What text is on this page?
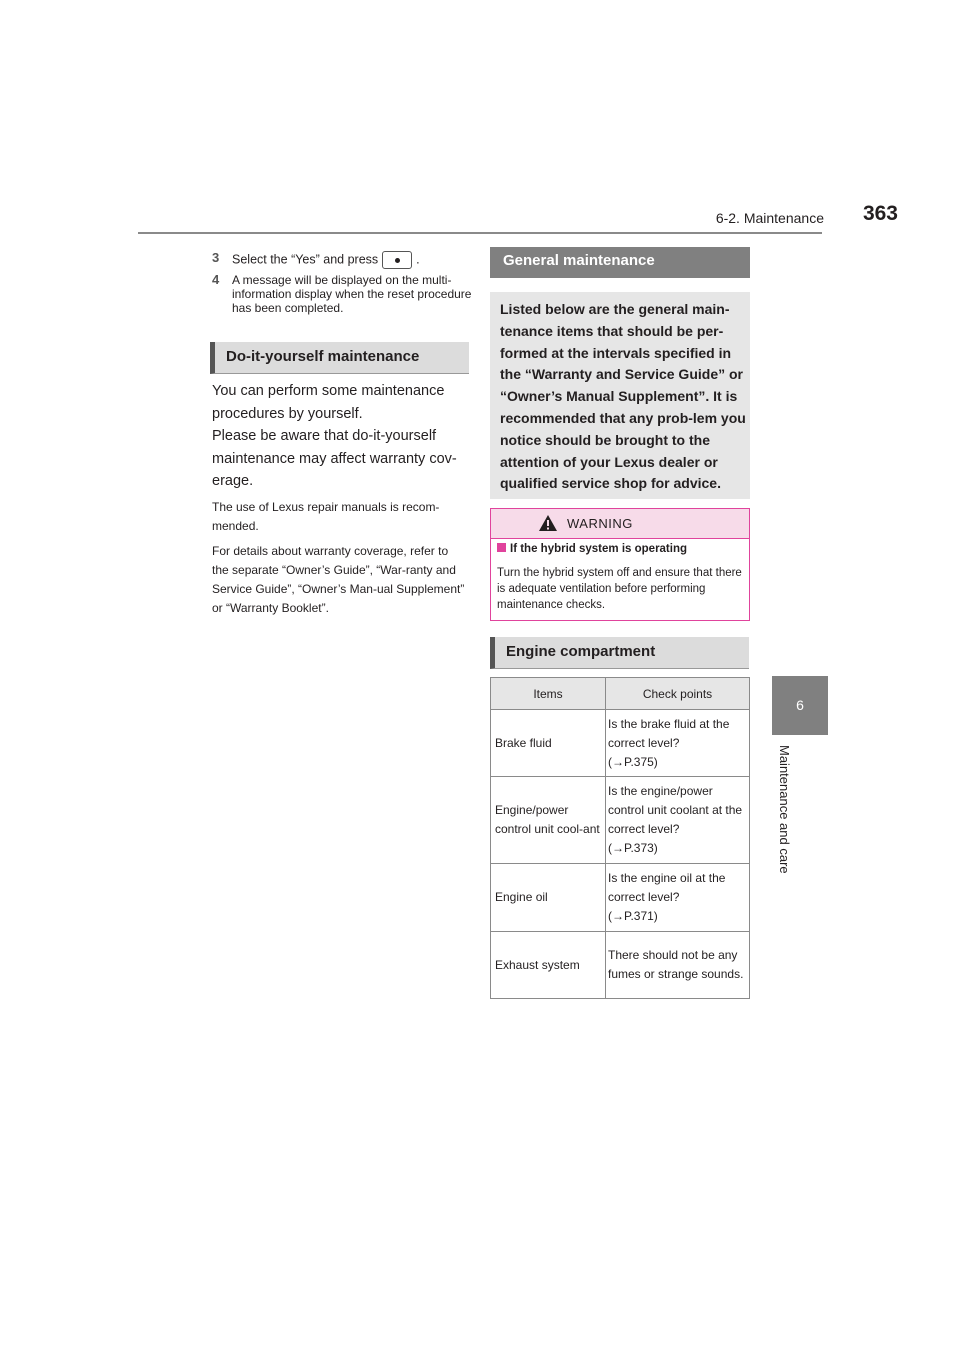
6-2. Maintenance 363
6
Maintenance and care
3 Select the “Yes” and press	.
4 A message will be displayed on the multi-information display when the reset procedure has been completed.
Do-it-yourself maintenance
You can perform some maintenance procedures by yourself.
Please be aware that do-it-yourself maintenance may affect warranty cov-erage.
The use of Lexus repair manuals is recom-mended.
For details about warranty coverage, refer to the separate “Owner’s Guide”, “War-ranty and Service Guide”, “Owner’s Man-ual Supplement” or “Warranty Booklet”.
General maintenance
Listed below are the general main-tenance items that should be per-formed at the intervals specified in the “Warranty and Service Guide” or “Owner’s Manual Supplement”. It is recommended that any prob-lem you notice should be brought to the attention of your Lexus dealer or qualified service shop for advice.
WARNING
If the hybrid system is operating
Turn the hybrid system off and ensure that there is adequate ventilation before performing maintenance checks.
Engine compartment
Items	Check points
Brake fluid	Is the brake fluid at the correct level?
(→P.375)

Engine/power control unit cool-ant	Is the engine/power control unit coolant at the correct level?
(→P.373)

Engine oil	Is the engine oil at the correct level?
(→P.371)

Exhaust system	There should not be any fumes or strange sounds.
